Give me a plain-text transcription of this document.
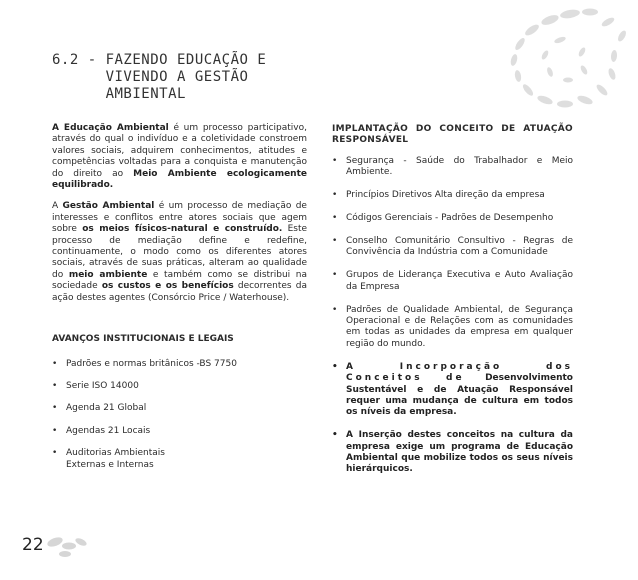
6.2 - FAZENDO EDUCAÇÃO E
VIVENDO A GESTÃO
AMBIENTAL

A Educação Ambiental é um processo participativo, através do qual o indivíduo e a coletividade constroem valores sociais, adquirem conhecimentos, atitudes e competências voltadas para a conquista e manutenção do direito ao Meio Ambiente ecologicamente equilibrado.

A Gestão Ambiental é um processo de mediação de interesses e conflitos entre atores sociais que agem sobre os meios físicos-natural e construído. Este processo de mediação define e redefine, continuamente, o modo como os diferentes atores sociais, através de suas práticas, alteram ao qualidade do meio ambiente e também como se distribui na sociedade os custos e os benefícios decorrentes da ação destes agentes (Consórcio Price / Waterhouse).

AVANÇOS INSTITUCIONAIS E LEGAIS
• Padrões e normas britânicos -BS 7750
• Serie ISO 14000
• Agenda 21 Global
• Agendas 21 Locais
• Auditorias Ambientais Externas e Internas
IMPLANTAÇÃO DO CONCEITO DE ATUAÇÃO RESPONSÁVEL
• Segurança - Saúde do Trabalhador e Meio Ambiente.
• Princípios Diretivos Alta direção da empresa
• Códigos Gerenciais - Padrões de Desempenho
• Conselho Comunitário Consultivo - Regras de Convivência da Indústria com a Comunidade
• Grupos de Liderança Executiva e Auto Avaliação da Empresa
• Padrões de Qualidade Ambiental, de Segurança Operacional e de Relações com as comunidades em todas as unidades da empresa em qualquer região do mundo.
• A Incorporação dos Conceitos de Desenvolvimento Sustentável e de Atuação Responsável requer uma mudança de cultura em todos os níveis da empresa.
• A Inserção destes conceitos na cultura da empresa exige um programa de Educação Ambiental que mobilize todos os seus níveis hierárquicos.
22
